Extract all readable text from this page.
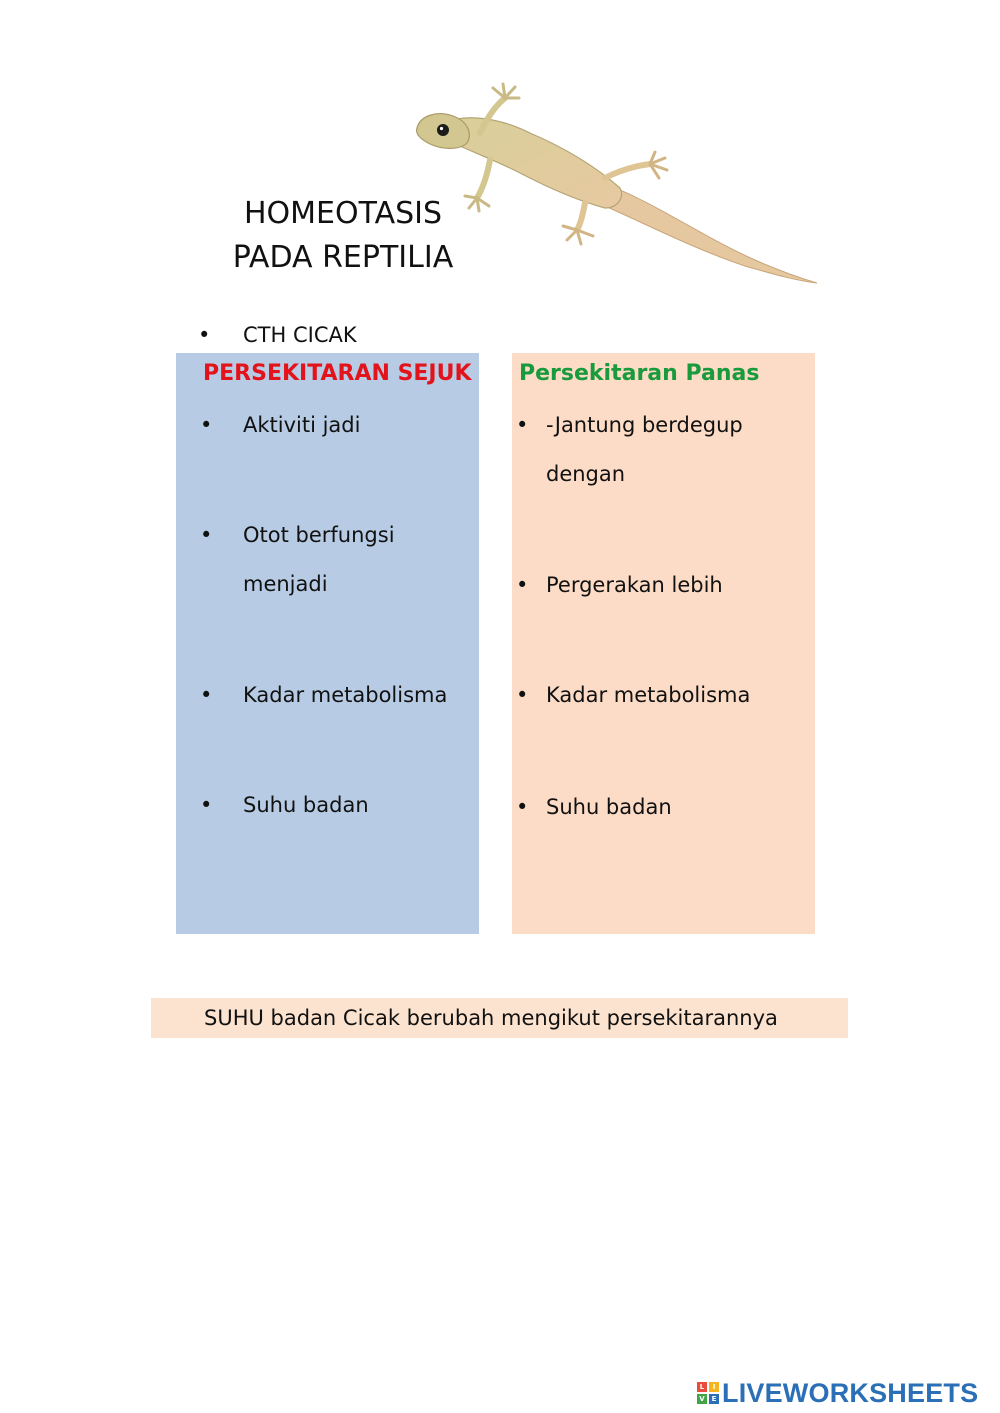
HOMEOTASIS
PADA REPTILIA
• CTH CICAK
PERSEKITARAN SEJUK
•	Aktiviti jadi
•	Otot berfungsi menjadi
•	Kadar metabolisma
•	Suhu badan
Persekitaran Panas
• -Jantung berdegup dengan
• Pergerakan lebih
• Kadar metabolisma
• Suhu badan
SUHU badan Cicak berubah mengikut persekitarannya
L	I
V E LIVEWORKSHEETS
